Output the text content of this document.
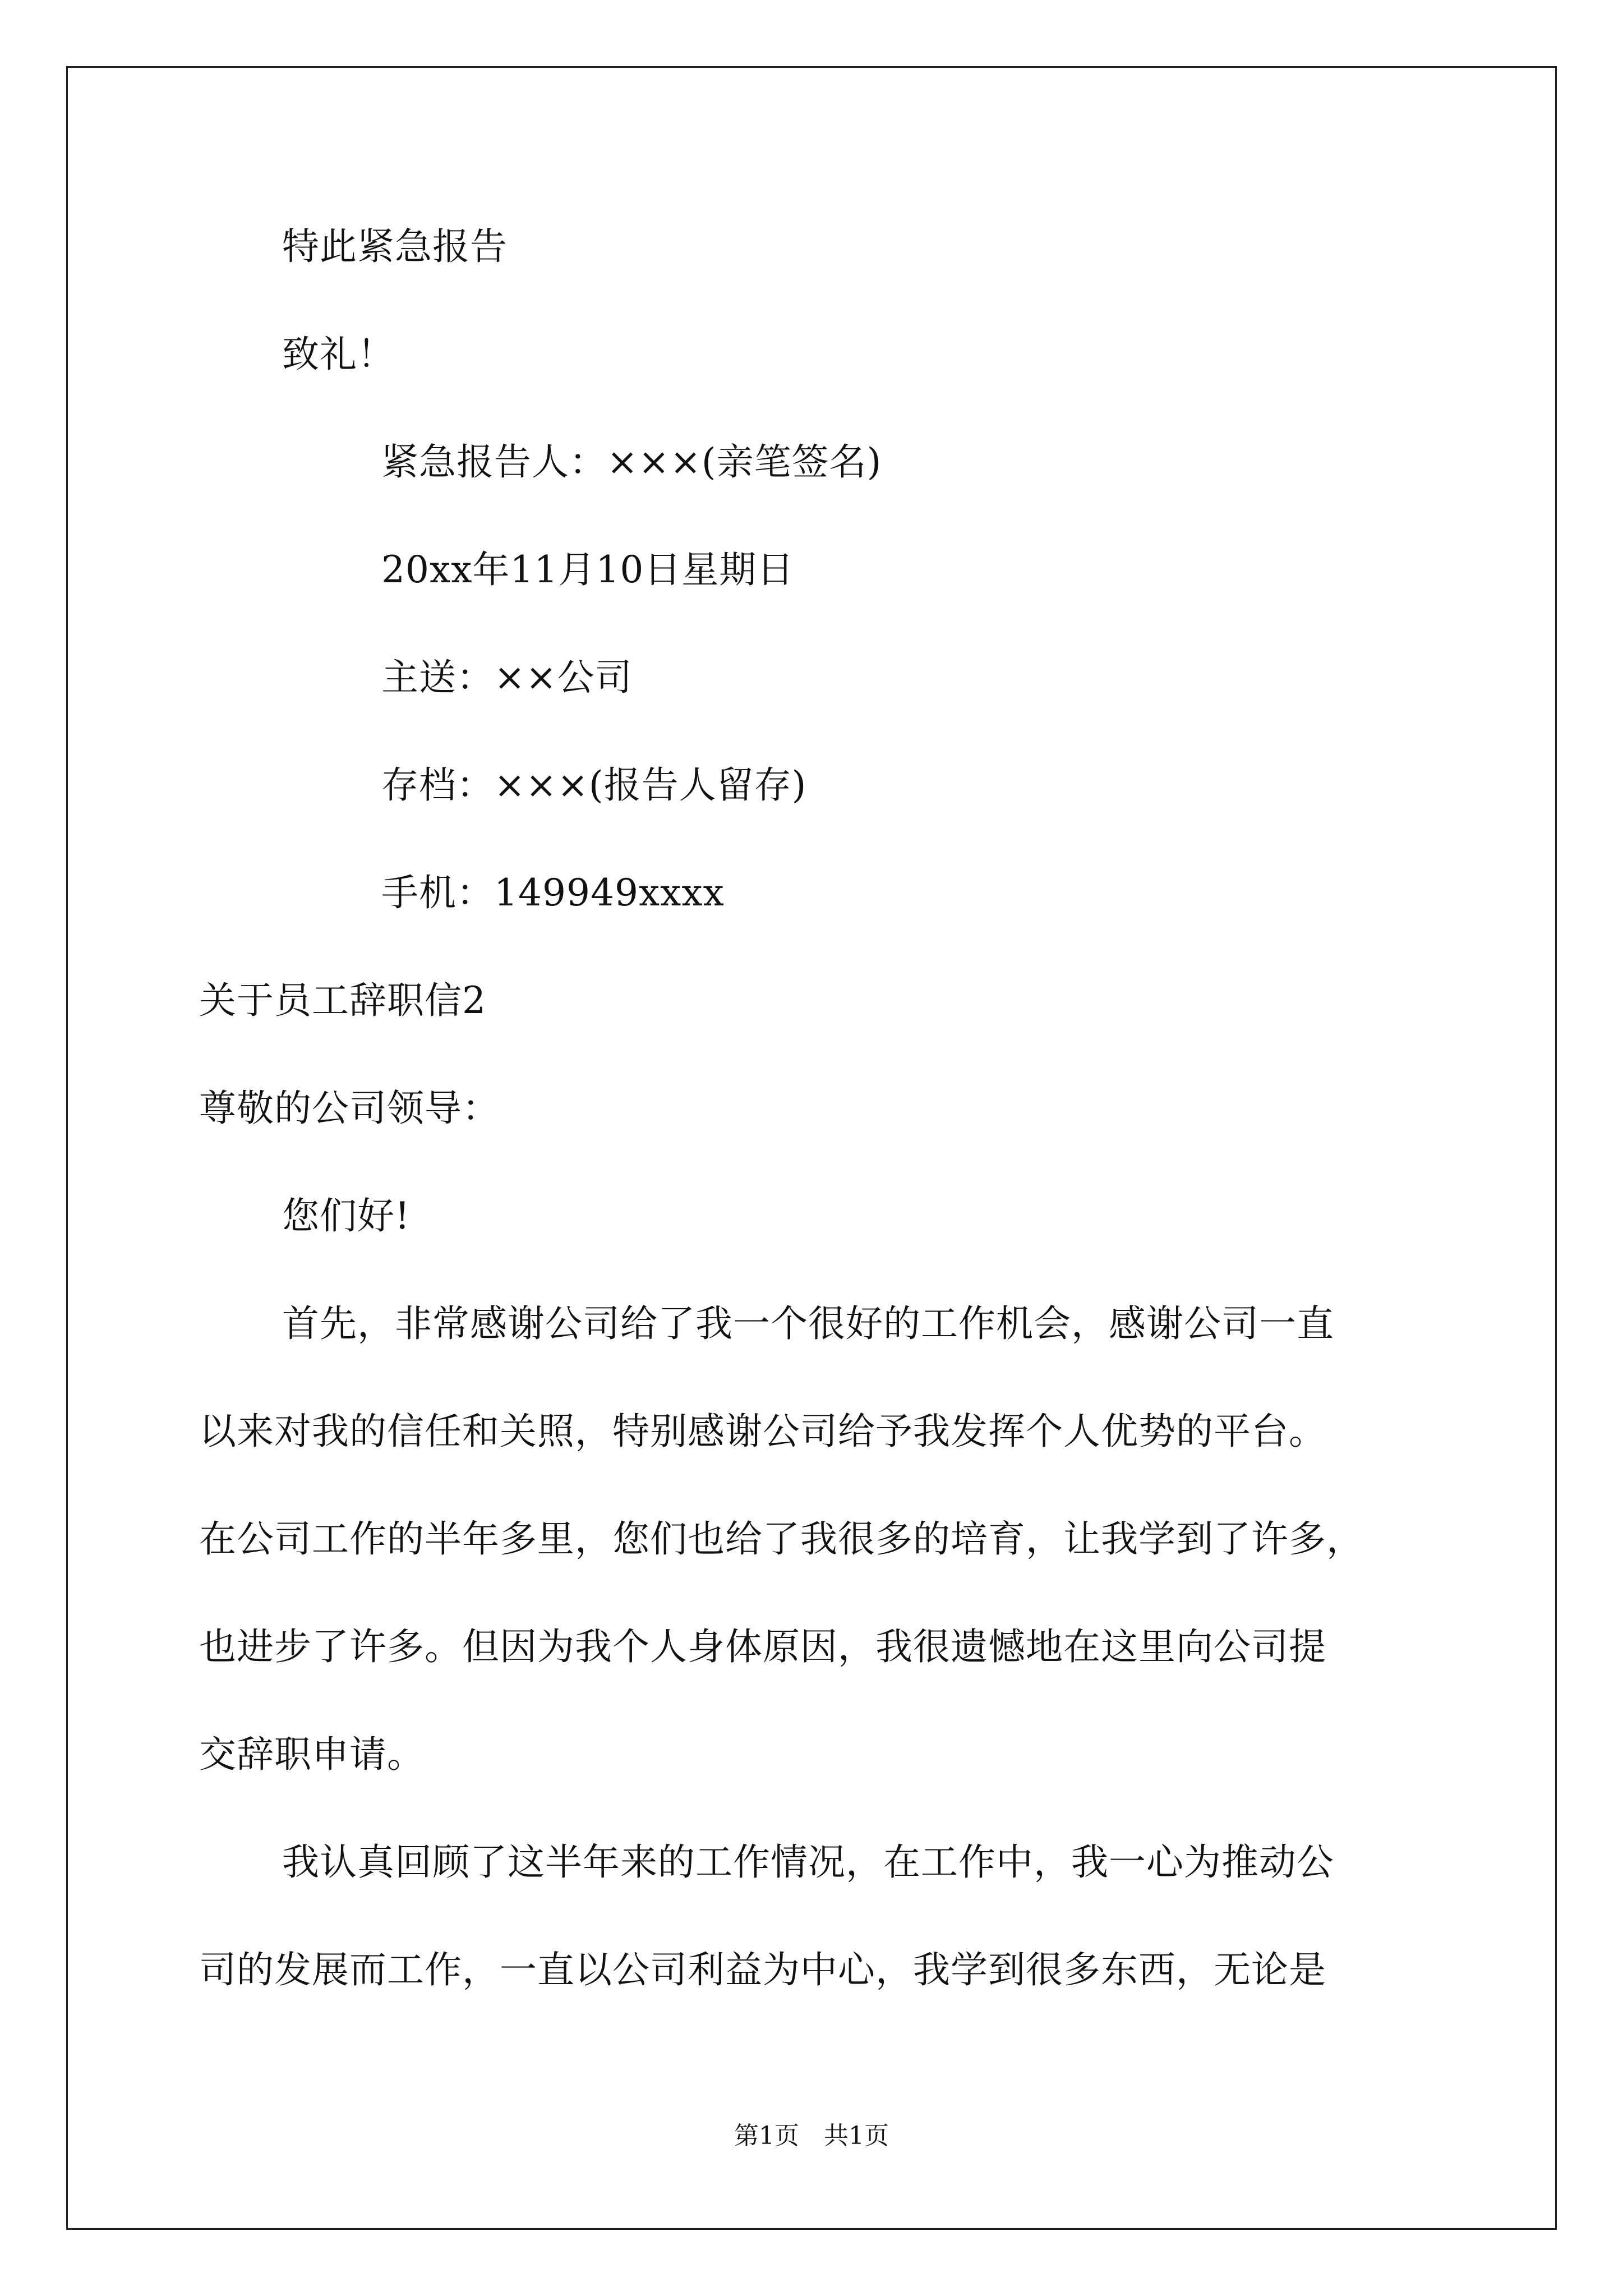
特此紧急报告
致礼！
紧急报告人：×××(亲笔签名)
20xx年11月10日星期日
主送：××公司
存档：×××(报告人留存)
手机：149949xxxx
关于员工辞职信2
尊敬的公司领导：
您们好!
首先，非常感谢公司给了我一个很好的工作机会，感谢公司一直
以来对我的信任和关照，特别感谢公司给予我发挥个人优势的平台。
在公司工作的半年多里，您们也给了我很多的培育，让我学到了许多，
也进步了许多。但因为我个人身体原因，我很遗憾地在这里向公司提
交辞职申请。
我认真回顾了这半年来的工作情况，在工作中，我一心为推动公
司的发展而工作，一直以公司利益为中心，我学到很多东西，无论是
第1页　共1页
